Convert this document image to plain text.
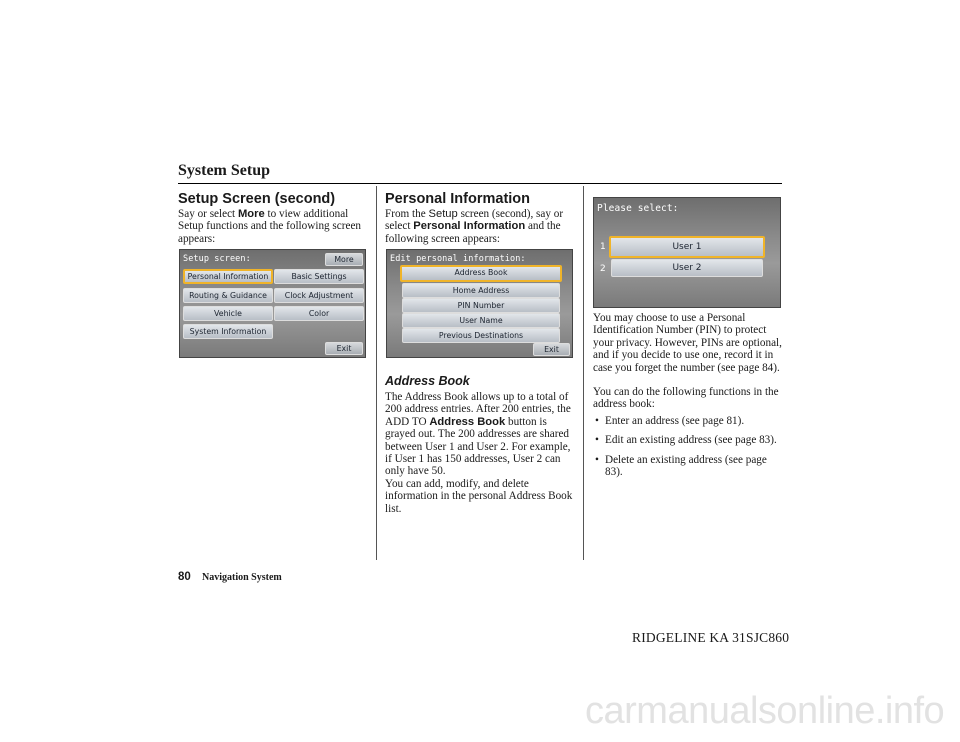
System Setup
Setup Screen (second)

Say or select More to view additional Setup functions and the following screen appears:

Setup screen:	More
Personal Information	Basic Settings
Routing & Guidance	Clock Adjustment
Vehicle	Color
System Information
Exit
Personal Information

From the Setup screen (second), say or select Personal Information and the following screen appears:

Edit personal information:
Address Book
Home Address
PIN Number
User Name
Previous Destinations
Exit
Address Book

The Address Book allows up to a total of 200 address entries. After 200 entries, the ADD TO Address Book button is grayed out. The 200 addresses are shared between User 1 and User 2. For example, if User 1 has 150 addresses, User 2 can only have 50.

You can add, modify, and delete information in the personal Address Book list.

Please select:
1	User 1
2	User 2

You may choose to use a Personal Identification Number (PIN) to protect your privacy. However, PINs are optional, and if you decide to use one, record it in case you forget the number (see page 84).

You can do the following functions in the address book:

• Enter an address (see page 81).
• Edit an existing address (see page 83).
• Delete an existing address (see page 83).
80 Navigation System
RIDGELINE KA 31SJC860
carmanualsonline.info
